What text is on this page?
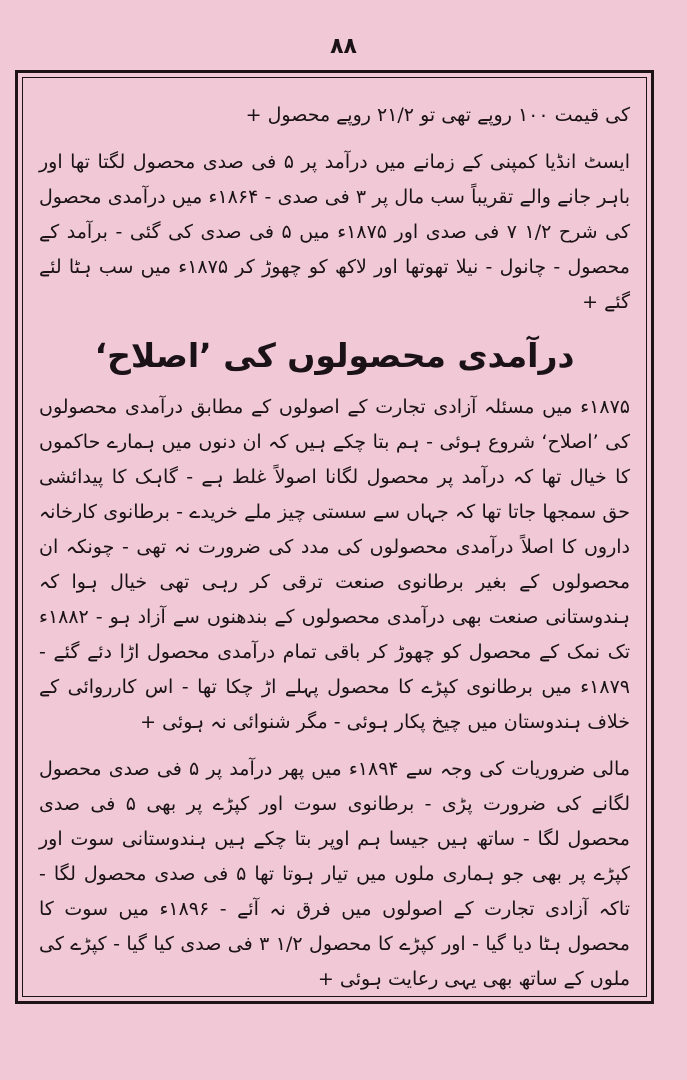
۸۸

کی قیمت ۱۰۰ روپے تھی تو ۲۱/۲ روپے محصول +

ایسٹ انڈیا کمپنی کے زمانے میں درآمد پر ۵ فی صدی محصول لگتا تھا اور باہر جانے والے تقریباً سب مال پر ۳ فی صدی - ۱۸۶۴ء میں درآمدی محصول کی شرح ۱/۲ ۷ فی صدی اور ۱۸۷۵ء میں ۵ فی صدی کی گئی - برآمد کے محصول - چانول - نیلا تھوتھا اور لاکھ کو چھوڑ کر ۱۸۷۵ء میں سب ہٹا لئے گئے +

درآمدی محصولوں کی ’اصلاح‘

۱۸۷۵ء میں مسئلہ آزادی تجارت کے اصولوں کے مطابق درآمدی محصولوں کی ’اصلاح‘ شروع ہوئی - ہم بتا چکے ہیں کہ ان دنوں میں ہمارے حاکموں کا خیال تھا کہ درآمد پر محصول لگانا اصولاً غلط ہے - گاہک کا پیدائشی حق سمجھا جاتا تھا کہ جہاں سے سستی چیز ملے خریدے - برطانوی کارخانہ داروں کا اصلاً درآمدی محصولوں کی مدد کی ضرورت نہ تھی - چونکہ ان محصولوں کے بغیر برطانوی صنعت ترقی کر رہی تھی خیال ہوا کہ ہندوستانی صنعت بھی درآمدی محصولوں کے بندھنوں سے آزاد ہو - ۱۸۸۲ء تک نمک کے محصول کو چھوڑ کر باقی تمام درآمدی محصول اڑا دئے گئے - ۱۸۷۹ء میں برطانوی کپڑے کا محصول پہلے اڑ چکا تھا - اس کارروائی کے خلاف ہندوستان میں چیخ پکار ہوئی - مگر شنوائی نہ ہوئی +

مالی ضروریات کی وجہ سے ۱۸۹۴ء میں پھر درآمد پر ۵ فی صدی محصول لگانے کی ضرورت پڑی - برطانوی سوت اور کپڑے پر بھی ۵ فی صدی محصول لگا - ساتھ ہیں جیسا ہم اوپر بتا چکے ہیں ہندوستانی سوت اور کپڑے پر بھی جو ہماری ملوں میں تیار ہوتا تھا ۵ فی صدی محصول لگا - تاکہ آزادی تجارت کے اصولوں میں فرق نہ آئے - ۱۸۹۶ء میں سوت کا محصول ہٹا دیا گیا - اور کپڑے کا محصول ۱/۲ ۳ فی صدی کیا گیا - کپڑے کی ملوں کے ساتھ بھی یہی رعایت ہوئی +
